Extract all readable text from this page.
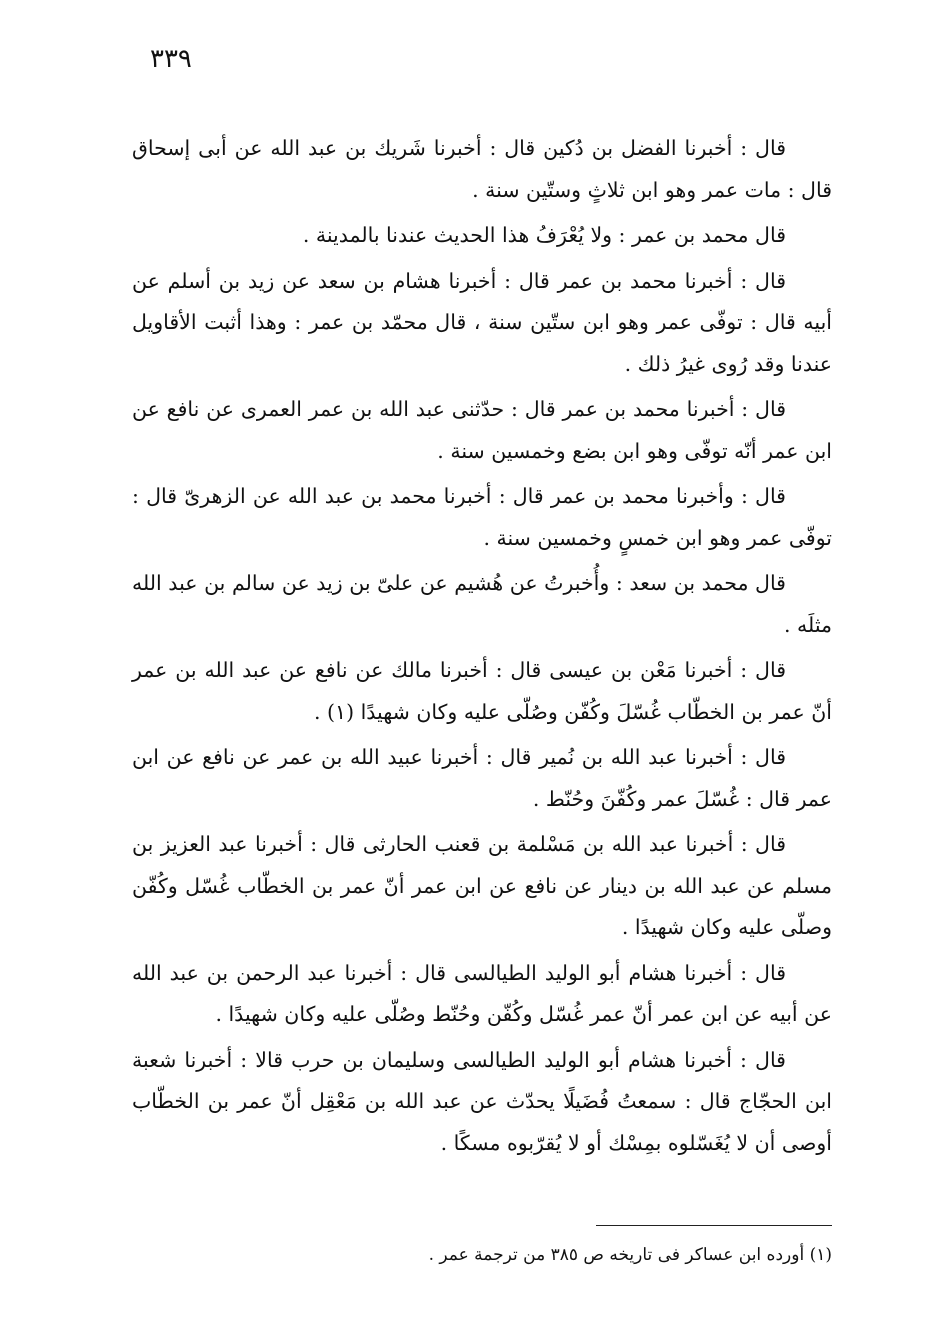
٣٣٩

قال : أخبرنا الفضل بن دُكين قال : أخبرنا شَريك بن عبد الله عن أبى إسحاق قال : مات عمر وهو ابن ثلاثٍ وستّين سنة .

قال محمد بن عمر : ولا يُعْرَفُ هذا الحديث عندنا بالمدينة .

قال : أخبرنا محمد بن عمر قال : أخبرنا هشام بن سعد عن زيد بن أسلم عن أبيه قال : توفّى عمر وهو ابن ستّين سنة ، قال محمّد بن عمر : وهذا أثبت الأقاويل عندنا وقد رُوى غيرُ ذلك .

قال : أخبرنا محمد بن عمر قال : حدّثنى عبد الله بن عمر العمرى عن نافع عن ابن عمر أنّه توفّى وهو ابن بضع وخمسين سنة .

قال : وأخبرنا محمد بن عمر قال : أخبرنا محمد بن عبد الله عن الزهرىّ قال : توفّى عمر وهو ابن خمسٍ وخمسين سنة .

قال محمد بن سعد : وأُخبرتُ عن هُشيم عن علىّ بن زيد عن سالم بن عبد الله مثلَه .

قال : أخبرنا مَعْن بن عيسى قال : أخبرنا مالك عن نافع عن عبد الله بن عمر أنّ عمر بن الخطّاب غُسّلَ وكُفّن وصُلّى عليه وكان شهيدًا (١) .

قال : أخبرنا عبد الله بن نُمير قال : أخبرنا عبيد الله بن عمر عن نافع عن ابن عمر قال : غُسّلَ عمر وكُفّنَ وحُنّط .

قال : أخبرنا عبد الله بن مَسْلمة بن قعنب الحارثى قال : أخبرنا عبد العزيز بن مسلم عن عبد الله بن دينار عن نافع عن ابن عمر أنّ عمر بن الخطّاب غُسّل وكُفّن وصلّى عليه وكان شهيدًا .

قال : أخبرنا هشام أبو الوليد الطيالسى قال : أخبرنا عبد الرحمن بن عبد الله عن أبيه عن ابن عمر أنّ عمر غُسّل وكُفّن وحُنّط وصُلّى عليه وكان شهيدًا .

قال : أخبرنا هشام أبو الوليد الطيالسى وسليمان بن حرب قالا : أخبرنا شعبة ابن الحجّاج قال : سمعتُ فُضَيلًا يحدّث عن عبد الله بن مَعْقِل أنّ عمر بن الخطّاب أوصى أن لا يُغَسّلوه بمِسْك أو لا يُقرّبوه مسكًا .

(١) أورده ابن عساكر فى تاريخه ص ٣٨٥ من ترجمة عمر .
